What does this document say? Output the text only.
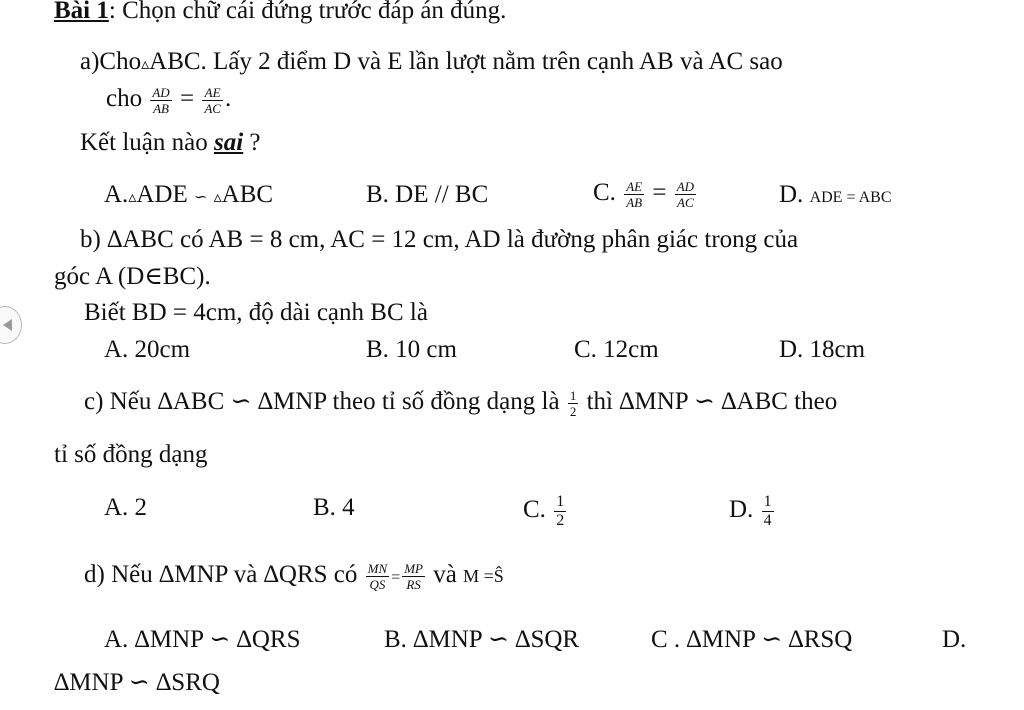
Bài 1: Chọn chữ cái đứng trước đáp án đúng.
a)Cho▵ABC. Lấy 2 điểm D và E lần lượt nằm trên cạnh AB và AC sao
cho $\frac{AD}{AB} = \frac{AE}{AC}$ .
Kết luận nào sai ?
A.▵ADE ∽ ▵ABC	B. DE // BC	C. $\frac{AE}{AB} = \frac{AD}{AC}$	D. ADE = ABC
b) ∆ABC có AB = 8 cm, AC = 12 cm, AD là đường phân giác trong của
góc A (D∈BC).
Biết BD = 4cm, độ dài cạnh BC là
A. 20cm	B. 10 cm	C. 12cm	D. 18cm
c) Nếu ∆ABC ∽ ∆MNP theo tỉ số đồng dạng là $\frac{1}{2}$ thì ∆MNP ∽ ∆ABC theo
tỉ số đồng dạng
A. 2	B. 4	C. $\frac{1}{2}$	D. $\frac{1}{4}$
d) Nếu ∆MNP và ∆QRS có $\frac{MN}{QS} = \frac{MP}{RS}$ và M =Ŝ
A. ∆MNP ∽ ∆QRS	B. ∆MNP ∽ ∆SQR	C . ∆MNP ∽ ∆RSQ	D.
∆MNP ∽ ∆SRQ
